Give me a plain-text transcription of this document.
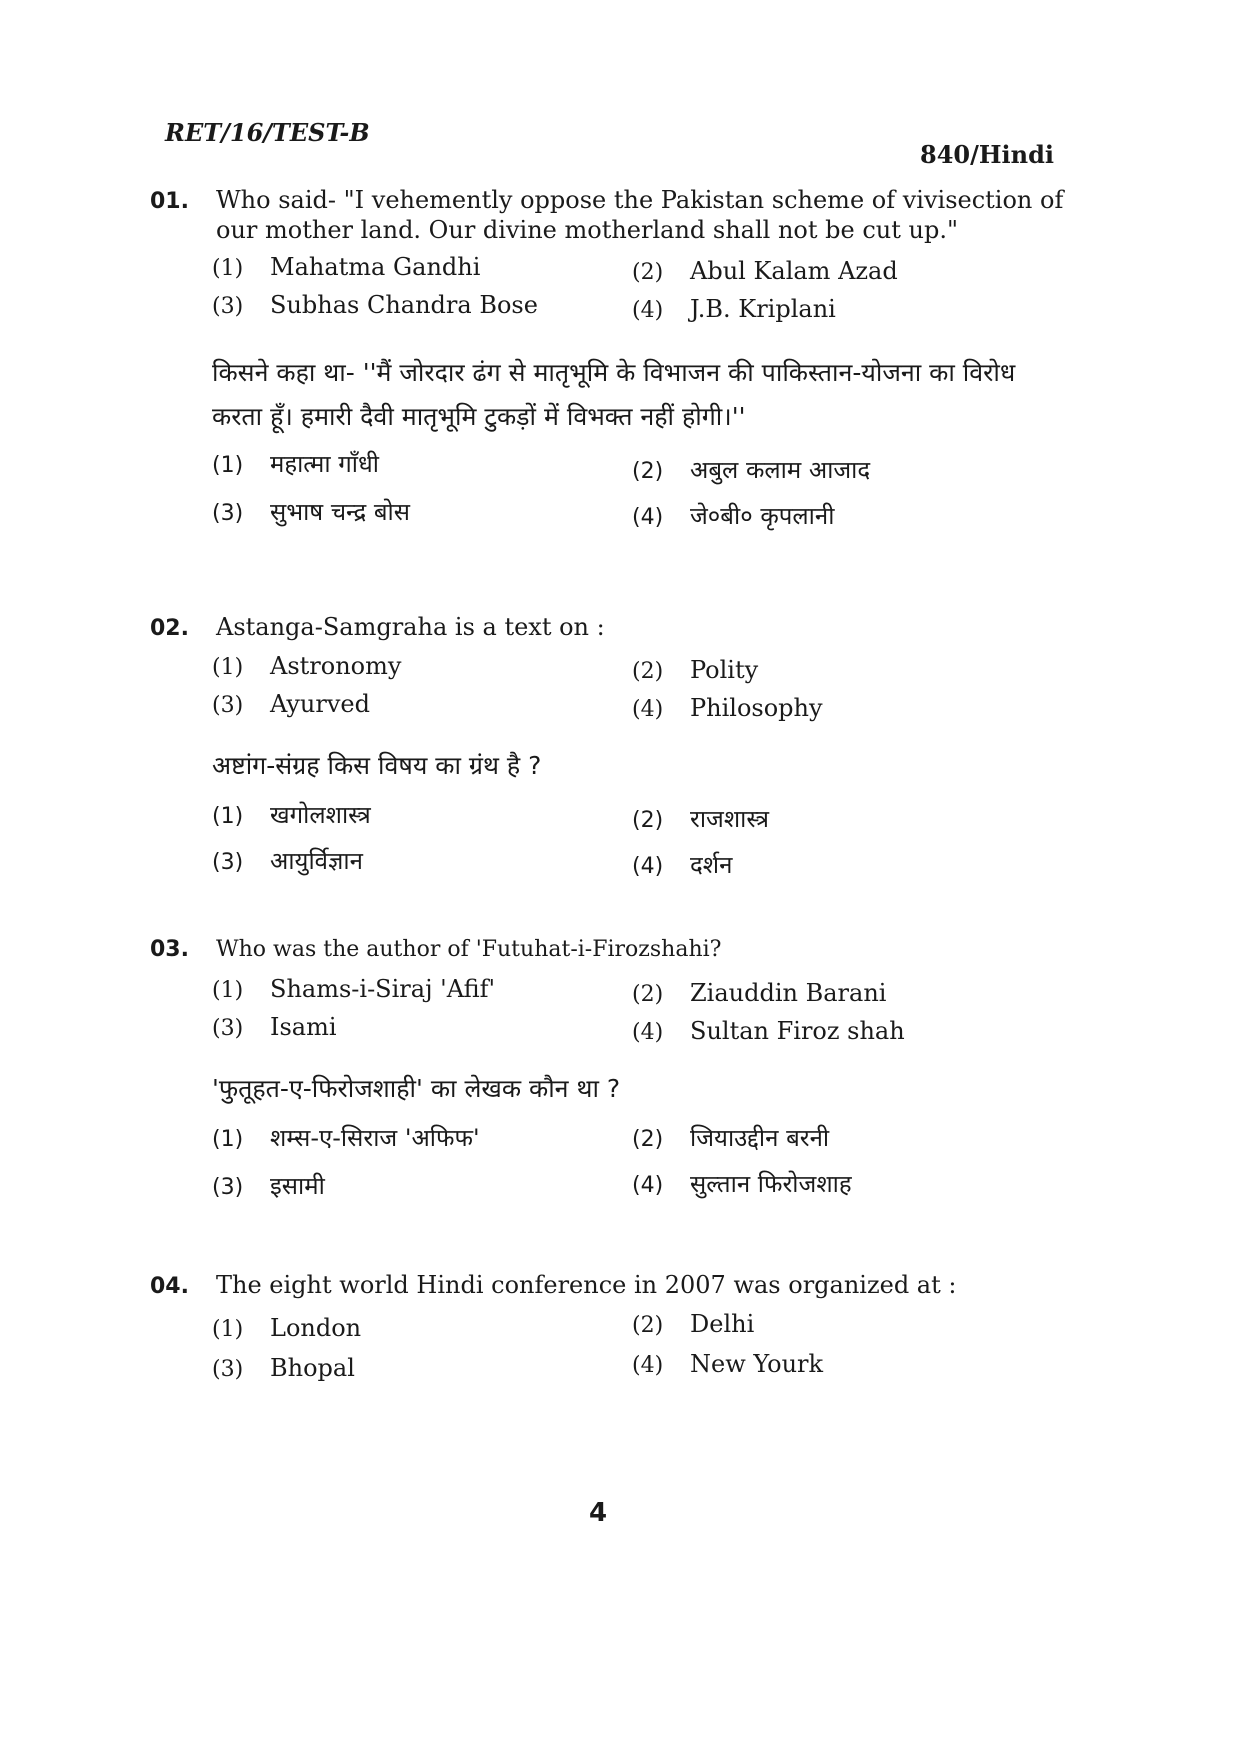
RET/16/TEST-B
840/Hindi
01.	Who said- "I vehemently oppose the Pakistan scheme of vivisection of our mother land. Our divine motherland shall not be cut up."
(1)	Mahatma Gandhi	(2)	Abul Kalam Azad
(3)	Subhas Chandra Bose	(4)	J.B. Kriplani
किसने कहा था- ''मैं जोरदार ढंग से मातृभूमि के विभाजन की पाकिस्तान-योजना का विरोध करता हूँ। हमारी दैवी मातृभूमि टुकड़ों में विभक्त नहीं होगी।''
(1)	महात्मा गाँधी	(2)	अबुल कलाम आजाद
(3)	सुभाष चन्द्र बोस	(4)	जे०बी० कृपलानी
02.	Astanga-Samgraha is a text on :
(1)	Astronomy	(2)	Polity
(3)	Ayurved	(4)	Philosophy
अष्टांग-संग्रह किस विषय का ग्रंथ है ?
(1)	खगोलशास्त्र	(2)	राजशास्त्र
(3)	आयुर्विज्ञान	(4)	दर्शन
03.	Who was the author of 'Futuhat-i-Firozshahi?
(1)	Shams-i-Siraj 'Afif'	(2)	Ziauddin Barani
(3)	Isami	(4)	Sultan Firoz shah
'फुतूहत-ए-फिरोजशाही' का लेखक कौन था ?
(1)	शम्स-ए-सिराज 'अफिफ'	(2)	जियाउद्दीन बरनी
(3)	इसामी	(4)	सुल्तान फिरोजशाह
04.	The eight world Hindi conference in 2007 was organized at :
(1)	London	(2)	Delhi
(3)	Bhopal	(4)	New Yourk
4
